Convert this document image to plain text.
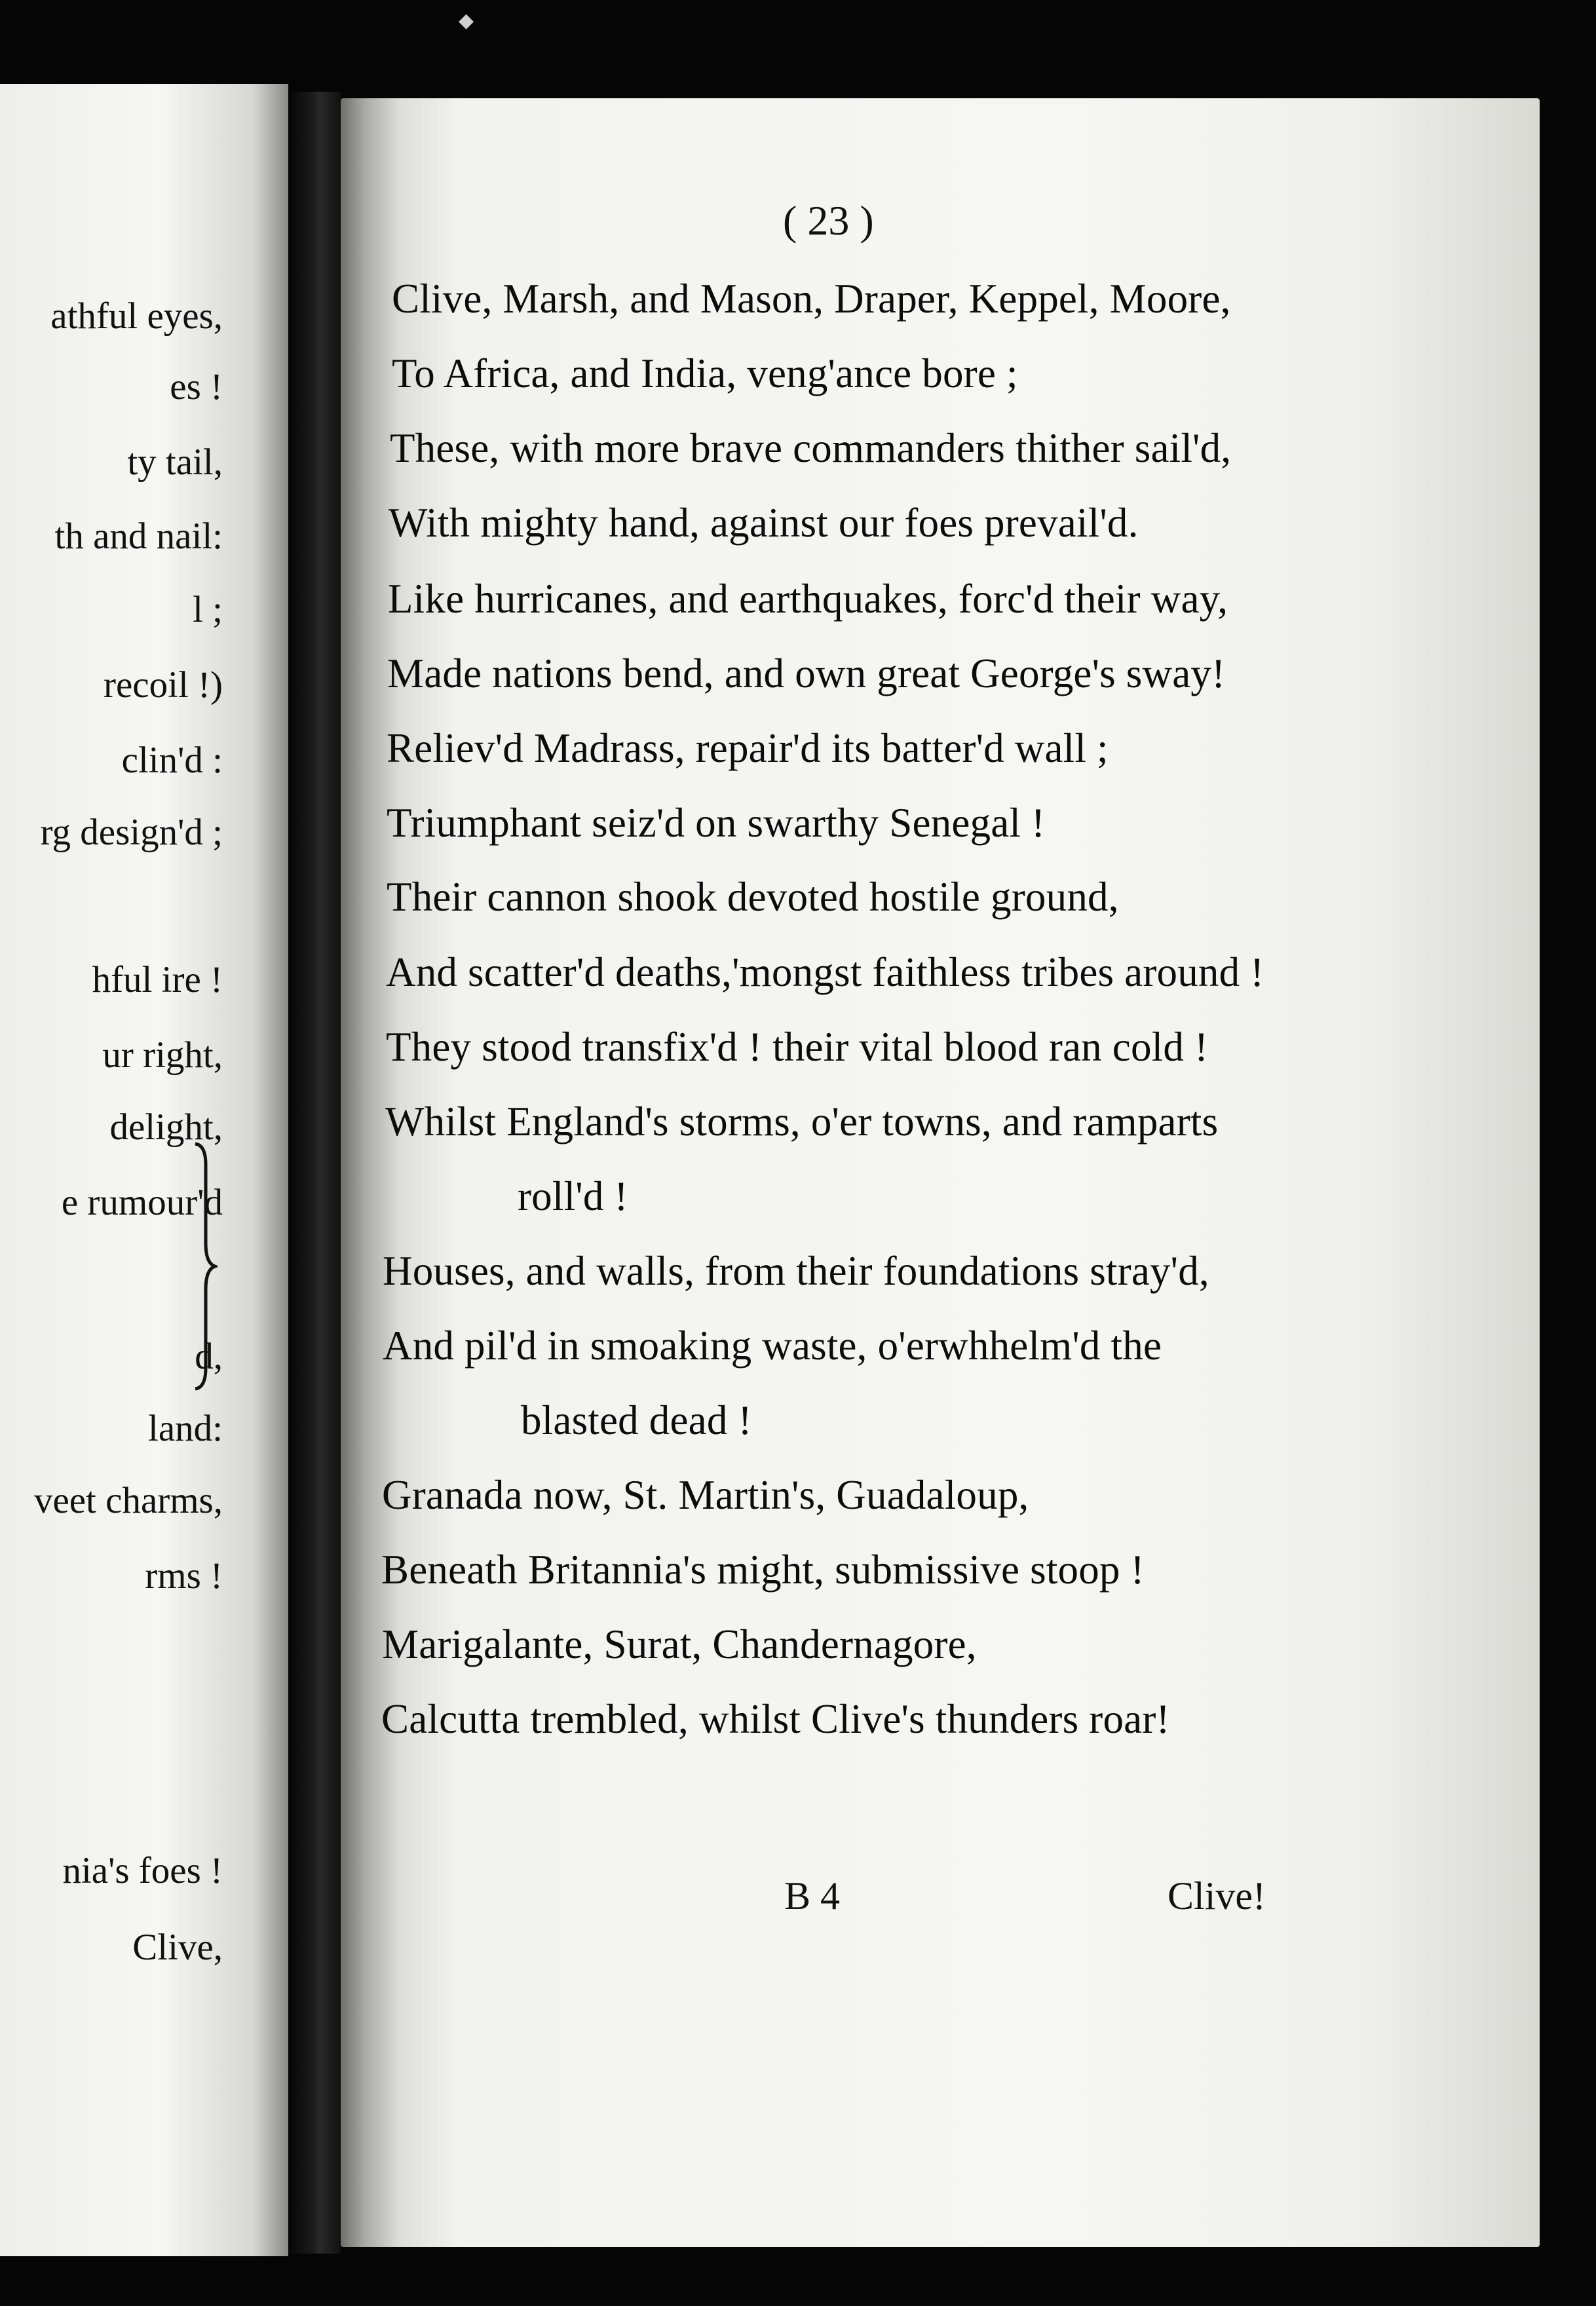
◆
athful eyes,
es !
ty tail,
th and nail:
l ;
recoil !)
clin'd :
rg design'd ;
hful ire !
ur right,
delight,
e rumour'd
d,
land:
veet charms,
rms !
nia's foes !
Clive,
( 23 )
Clive, Marsh, and Mason, Draper, Keppel, Moore,
To Africa, and India, veng'ance bore ;
These, with more brave commanders thither sail'd,
With mighty hand, against our foes prevail'd.
Like hurricanes, and earthquakes, forc'd their way,
Made nations bend, and own great George's sway!
Reliev'd Madrass, repair'd its batter'd wall ;
Triumphant seiz'd on swarthy Senegal !
Their cannon shook devoted hostile ground,
And scatter'd deaths,'mongst faithless tribes around !
They stood transfix'd ! their vital blood ran cold !
Whilst England's storms, o'er towns, and ramparts
roll'd !
Houses, and walls, from their foundations stray'd,
And pil'd in smoaking waste, o'erwhhelm'd the
blasted dead !
Granada now, St. Martin's, Guadaloup,
Beneath Britannia's might, submissive stoop !
Marigalante, Surat, Chandernagore,
Calcutta trembled, whilst Clive's thunders roar!
B 4	Clive!
